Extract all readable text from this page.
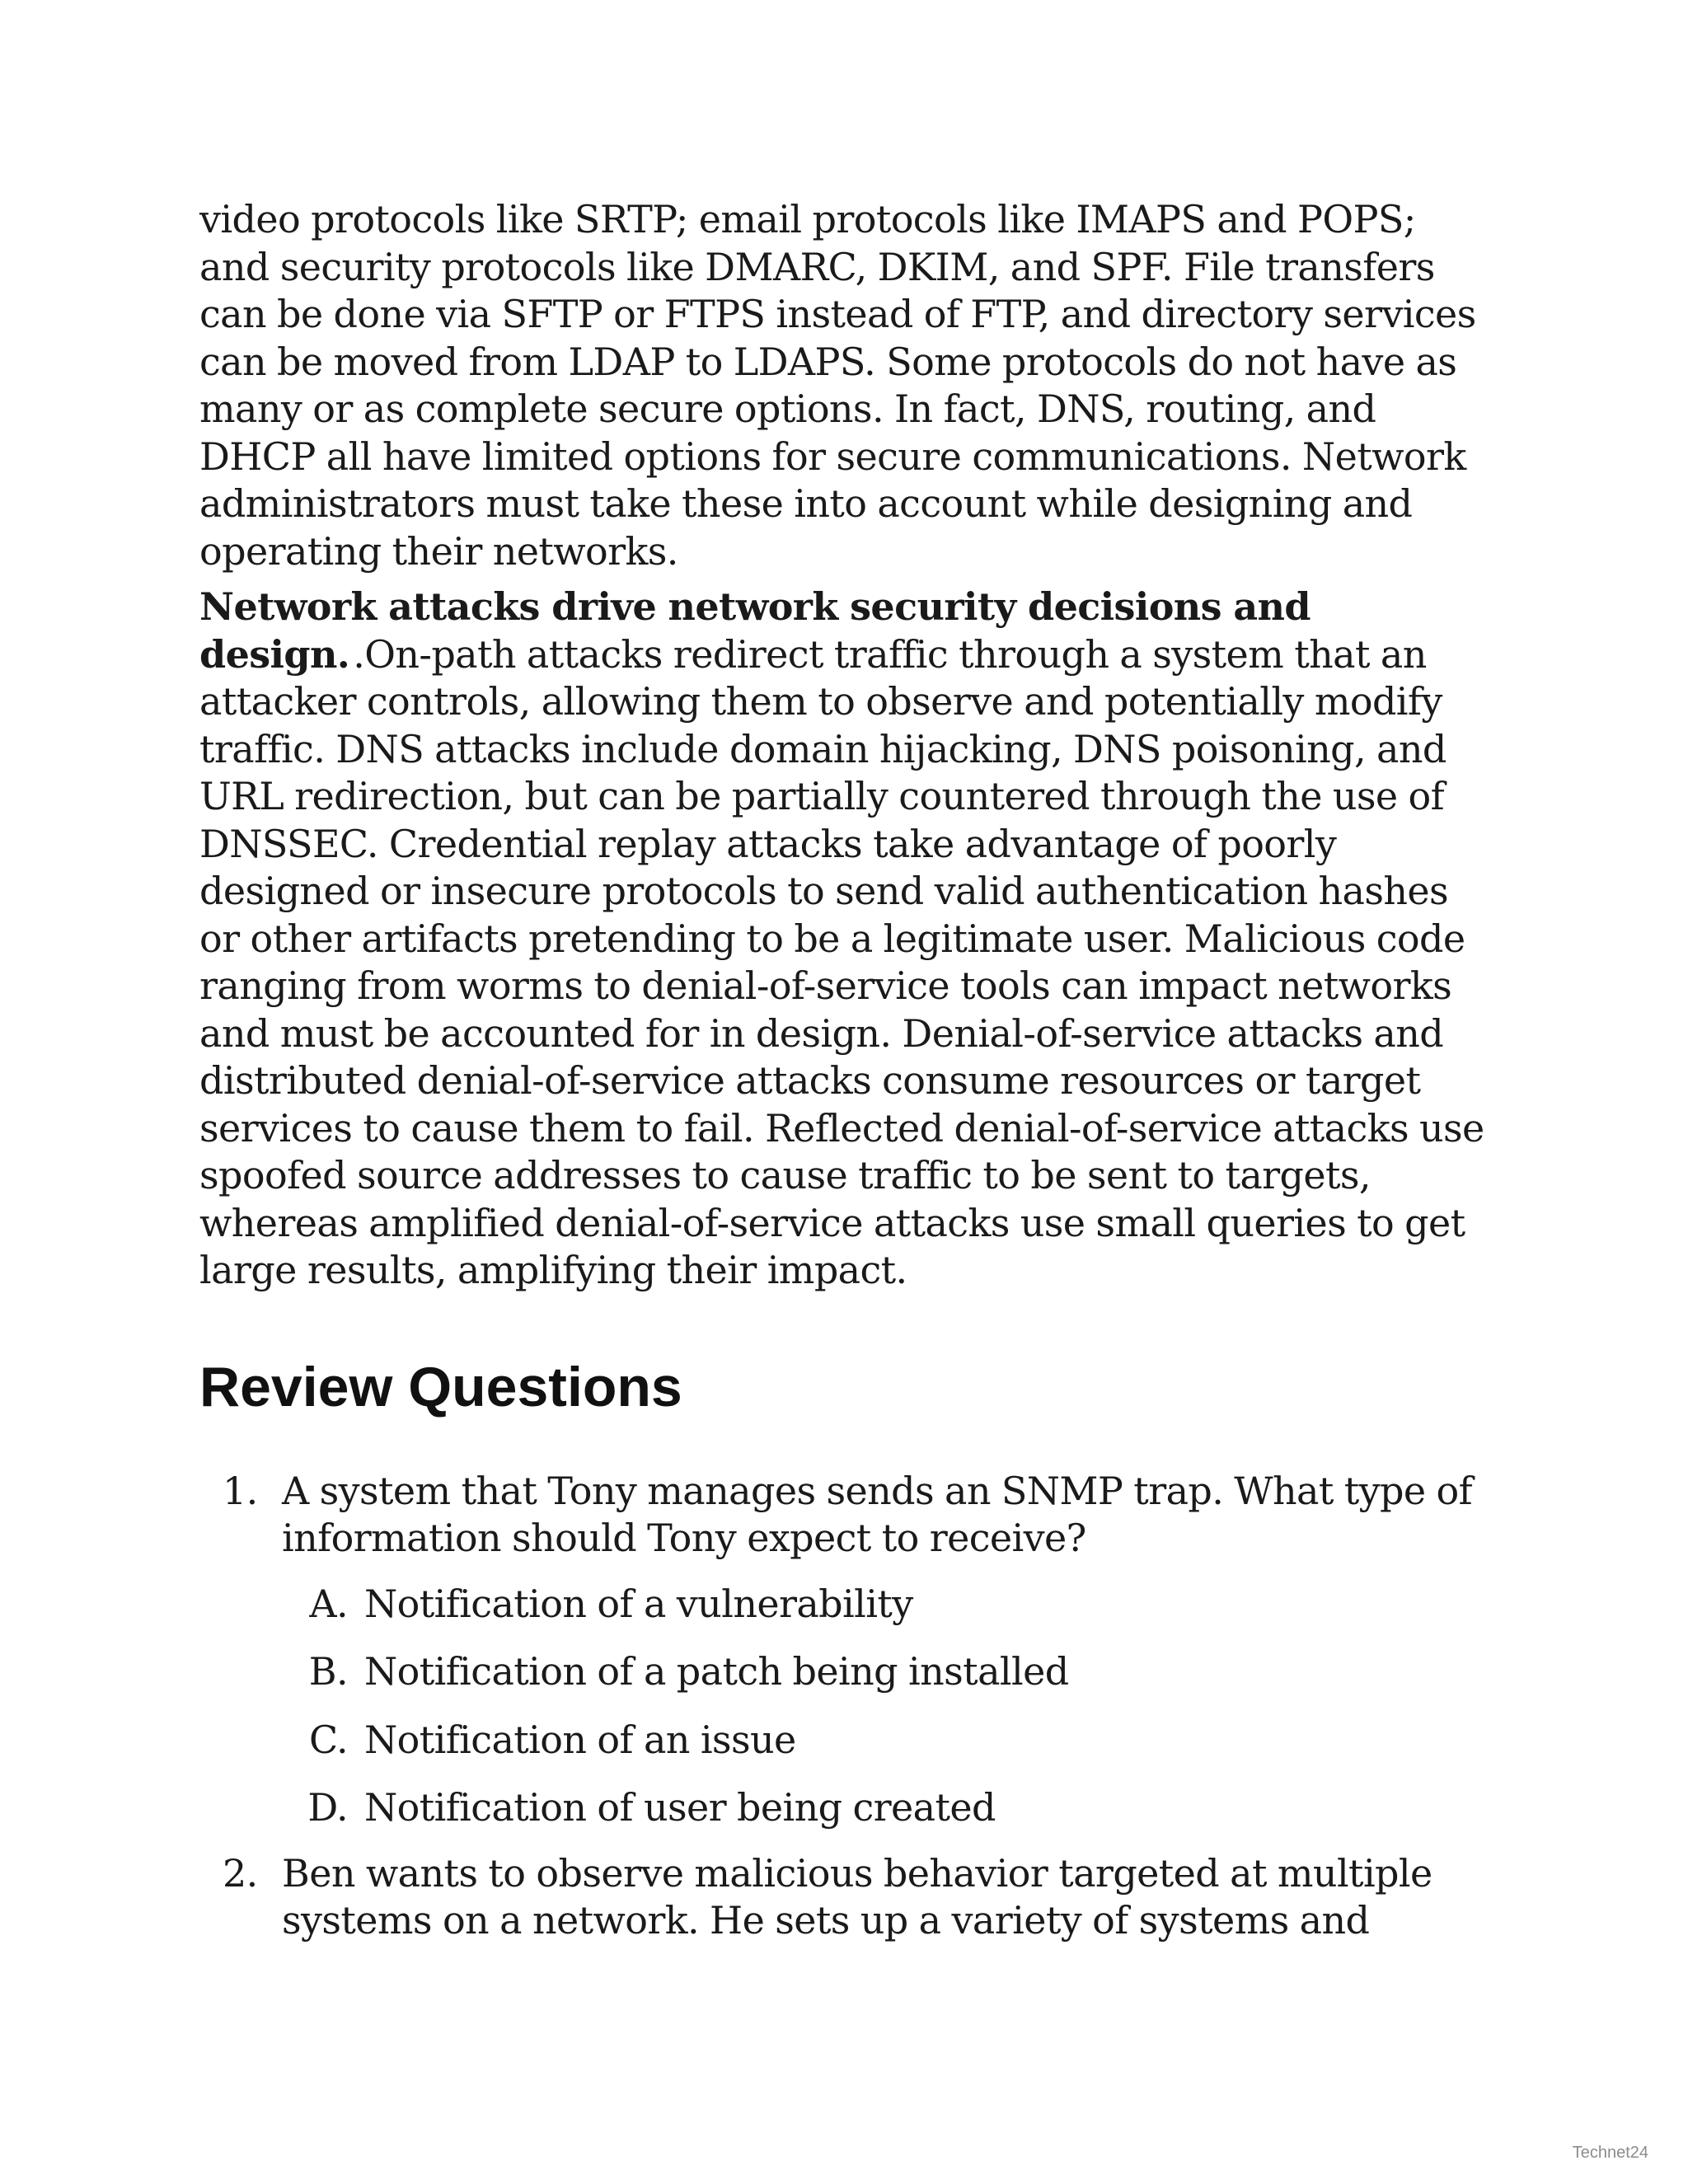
video protocols like SRTP; email protocols like IMAPS and POPS; and security protocols like DMARC, DKIM, and SPF. File transfers can be done via SFTP or FTPS instead of FTP, and directory services can be moved from LDAP to LDAPS. Some protocols do not have as many or as complete secure options. In fact, DNS, routing, and DHCP all have limited options for secure communications. Network administrators must take these into account while designing and operating their networks.

Network attacks drive network security decisions and design. .On-path attacks redirect traffic through a system that an attacker controls, allowing them to observe and potentially modify traffic. DNS attacks include domain hijacking, DNS poisoning, and URL redirection, but can be partially countered through the use of DNSSEC. Credential replay attacks take advantage of poorly designed or insecure protocols to send valid authentication hashes or other artifacts pretending to be a legitimate user. Malicious code ranging from worms to denial-of-service tools can impact networks and must be accounted for in design. Denial-of-service attacks and distributed denial-of-service attacks consume resources or target services to cause them to fail. Reflected denial-of-service attacks use spoofed source addresses to cause traffic to be sent to targets, whereas amplified denial-of-service attacks use small queries to get large results, amplifying their impact.

Review Questions
1. A system that Tony manages sends an SNMP trap. What type of information should Tony expect to receive?
A. Notification of a vulnerability
B. Notification of a patch being installed
C. Notification of an issue
D. Notification of user being created
2. Ben wants to observe malicious behavior targeted at multiple systems on a network. He sets up a variety of systems and
Technet24
